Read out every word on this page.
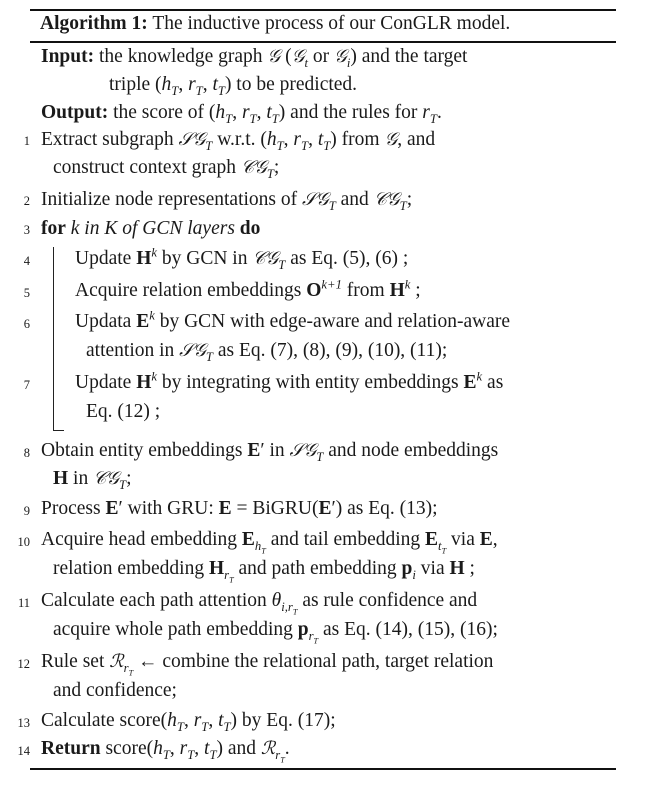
Algorithm 1: The inductive process of our ConGLR model.
Input: the knowledge graph 𝒢 (𝒢$_t$ or 𝒢$_i$) and the target
triple ($h_T$, $r_T$, $t_T$) to be predicted.
Output: the score of ($h_T$, $r_T$, $t_T$) and the rules for $r_T$.
1 Extract subgraph 𝒮𝒢$_T$ w.r.t. ($h_T$, $r_T$, $t_T$) from 𝒢, and
construct context graph 𝒞𝒢$_T$;
2 Initialize node representations of 𝒮𝒢$_T$ and 𝒞𝒢$_T$;
3 for k in K of GCN layers do
4 Update $H^k$ by GCN in 𝒞𝒢$_T$ as Eq. (5), (6) ;
5 Acquire relation embeddings $O^{k+1}$ from $H^k$ ;
6 Updata $E^k$ by GCN with edge-aware and relation-aware
attention in 𝒮𝒢$_T$ as Eq. (7), (8), (9), (10), (11);
7 Update $H^k$ by integrating with entity embeddings $E^k$ as
Eq. (12) ;
8 Obtain entity embeddings E′ in 𝒮𝒢$_T$ and node embeddings
H in 𝒞𝒢$_T$;
9 Process E′ with GRU: E = BiGRU(E′) as Eq. (13);
10 Acquire head embedding $E_{h_T}$ and tail embedding $E_{t_T}$ via E,
relation embedding $H_{r_T}$ and path embedding $p_i$ via H ;
11 Calculate each path attention $\theta_{i,r_T}$ as rule confidence and
acquire whole path embedding $p_{r_T}$ as Eq. (14), (15), (16);
12 Rule set ℛ$_{r_T}$ ← combine the relational path, target relation
and confidence;
13 Calculate $score(h_T$, $r_T$, $t_T$) by Eq. (17);
14 Return $score(h_T$, $r_T$, $t_T$) and ℛ$_{r_T}$.
